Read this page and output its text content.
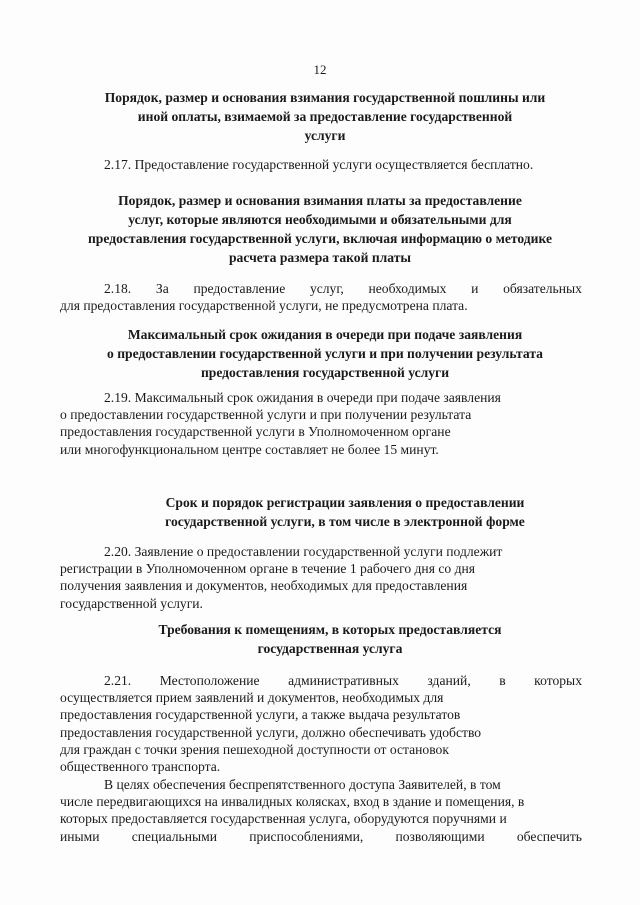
12
Порядок, размер и основания взимания государственной пошлины или
иной оплаты, взимаемой за предоставление государственной
услуги
2.17. Предоставление государственной услуги осуществляется бесплатно.
Порядок, размер и основания взимания платы за предоставление
услуг, которые являются необходимыми и обязательными для
предоставления государственной услуги, включая информацию о методике
расчета размера такой платы
2.18. За предоставление услуг, необходимых и обязательных
для предоставления государственной услуги, не предусмотрена плата.
Максимальный срок ожидания в очереди при подаче заявления
о предоставлении государственной услуги и при получении результата
предоставления государственной услуги
2.19. Максимальный срок ожидания в очереди при подаче заявления
о предоставлении государственной услуги и при получении результата
предоставления государственной услуги в Уполномоченном органе
или многофункциональном центре составляет не более 15 минут.
Срок и порядок регистрации заявления о предоставлении
государственной услуги, в том числе в электронной форме
2.20. Заявление о предоставлении государственной услуги подлежит
регистрации в Уполномоченном органе в течение 1 рабочего дня со дня
получения заявления и документов, необходимых для предоставления
государственной услуги.
Требования к помещениям, в которых предоставляется
государственная услуга
2.21. Местоположение административных зданий, в которых
осуществляется прием заявлений и документов, необходимых для
предоставления государственной услуги, а также выдача результатов
предоставления государственной услуги, должно обеспечивать удобство
для граждан с точки зрения пешеходной доступности от остановок
общественного транспорта.
В целях обеспечения беспрепятственного доступа Заявителей, в том
числе передвигающихся на инвалидных колясках, вход в здание и помещения, в
которых предоставляется государственная услуга, оборудуются поручнями и
иными специальными приспособлениями, позволяющими обеспечить
